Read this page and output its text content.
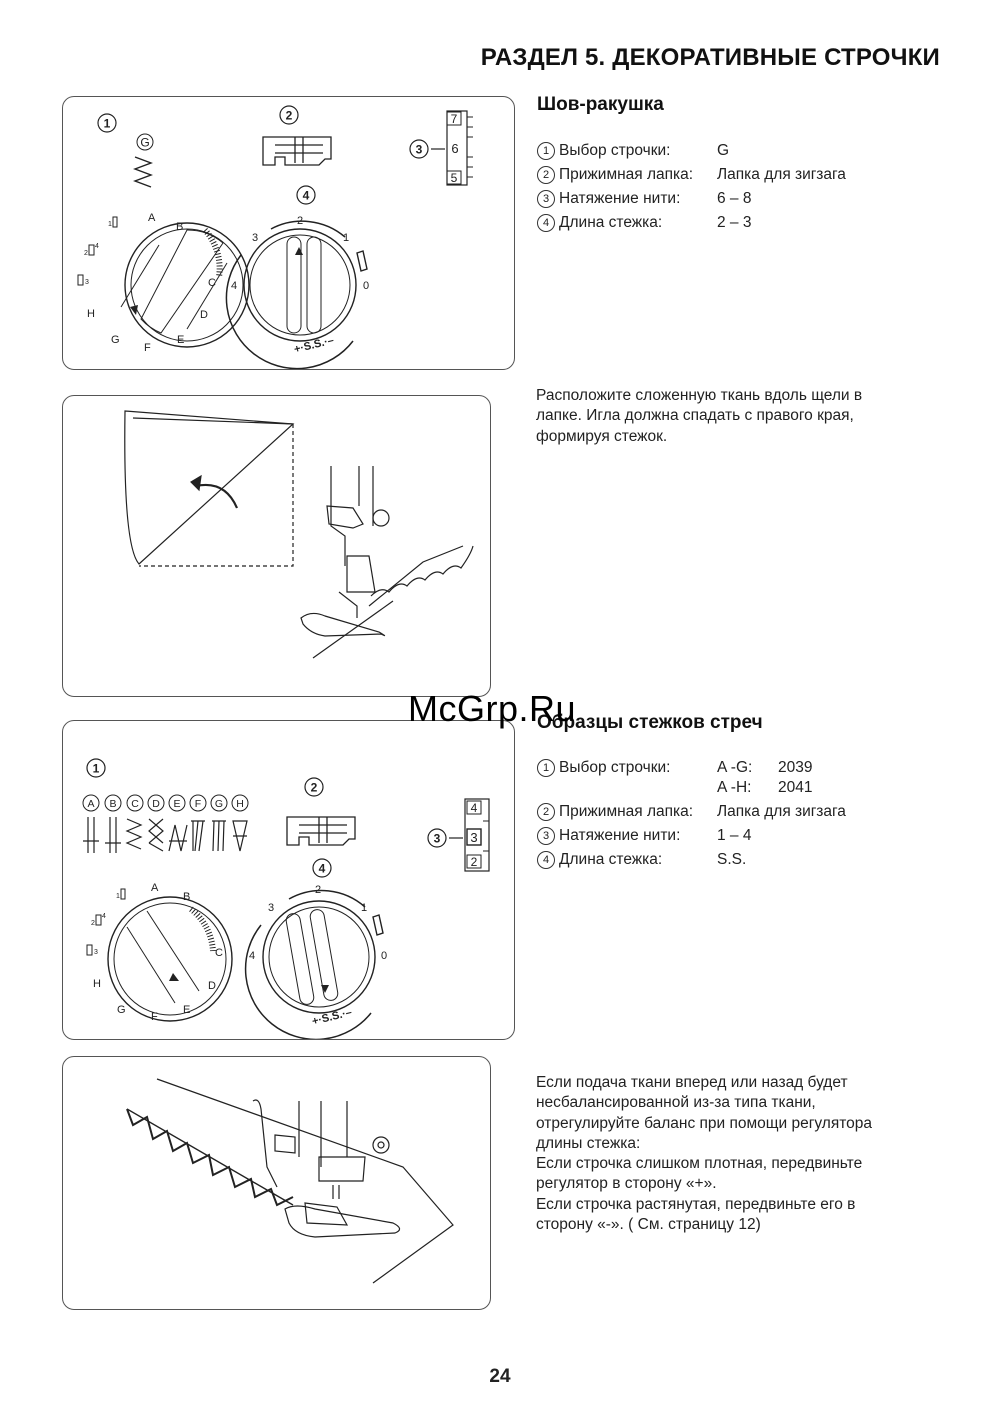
РАЗДЕЛ 5. ДЕКОРАТИВНЫЕ СТРОЧКИ
1
2
3
4
G
7
6
5
A
B
C
D
E
F
G
H
1
2
4
3
2
1
0
3
4
+·S.S.·–
1
2
3
4
A B C D E F G H	4
3
2
A
B
C
D
E
F
G
H
1
2
4
3
2
1
0
3
4
+·S.S.·–
Шов-ракушка
1 Выбор строчки:	G
2 Прижимная лапка: Лапка для зигзага
3 Натяжение нити: 6 – 8
4 Длина стежка:	2 – 3
Расположите сложенную ткань вдоль щели в
лапке. Игла должна спадать с правого края,
формируя стежок.
Образцы стежков стреч
1 Выбор строчки:	A -G: 2039
A -H: 2041
2 Прижимная лапка: Лапка для зигзага
3 Натяжение нити: 1 – 4
4 Длина стежка:	S.S.
Если подача ткани вперед или назад будет
несбалансированной из-за типа ткани,
отрегулируйте баланс при помощи регулятора
длины стежка:
Если строчка слишком плотная, передвиньте
регулятор в сторону «+».
Если строчка растянутая, передвиньте его в
сторону «-». ( См. страницу 12)
McGrp.Ru
24
